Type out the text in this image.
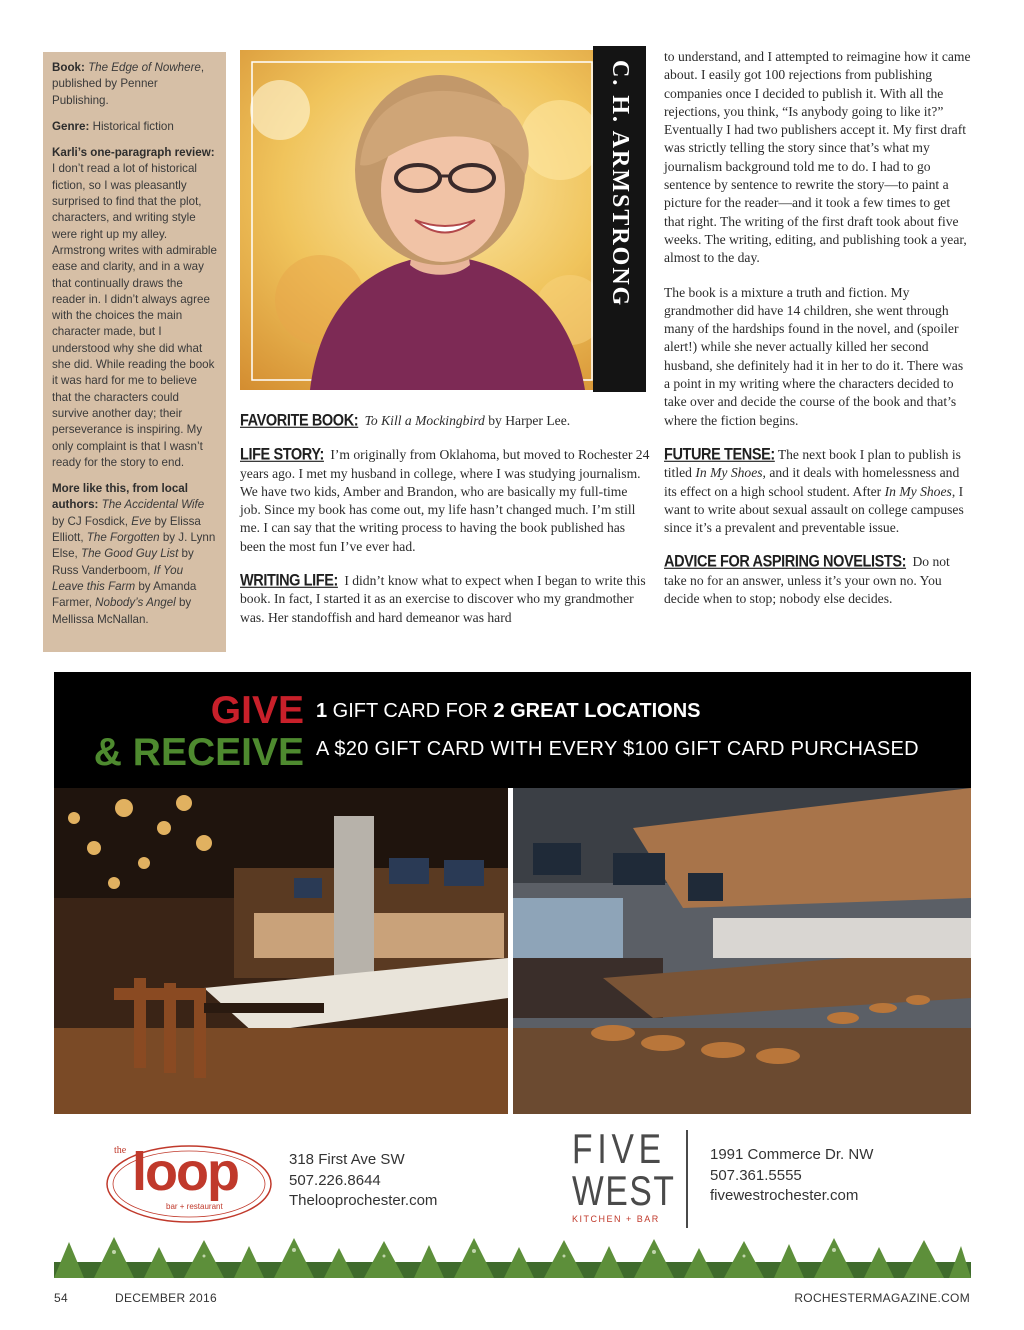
Book: The Edge of Nowhere, published by Penner Publishing.

Genre: Historical fiction

Karli’s one-paragraph review: I don’t read a lot of historical fiction, so I was pleasantly surprised to find that the plot, characters, and writing style were right up my alley. Armstrong writes with admirable ease and clarity, and in a way that continually draws the reader in. I didn’t always agree with the choices the main character made, but I understood why she did what she did. While reading the book it was hard for me to believe that the characters could survive another day; their perseverance is inspiring. My only complaint is that I wasn’t ready for the story to end.

More like this, from local authors: The Accidental Wife by CJ Fosdick, Eve by Elissa Elliott, The Forgotten by J. Lynn Else, The Good Guy List by Russ Vanderboom, If You Leave this Farm by Amanda Farmer, Nobody’s Angel by Mellissa McNallan.

C. H. ARMSTRONG

FAVORITE BOOK: To Kill a Mockingbird by Harper Lee.

LIFE STORY: I’m originally from Oklahoma, but moved to Rochester 24 years ago. I met my husband in college, where I was studying journalism. We have two kids, Amber and Brandon, who are basically my full-time job. Since my book has come out, my life hasn’t changed much. I’m still me. I can say that the writing process to having the book published has been the most fun I’ve ever had.

WRITING LIFE: I didn’t know what to expect when I began to write this book. In fact, I started it as an exercise to discover who my grandmother was. Her standoffish and hard demeanor was hard

to understand, and I attempted to reimagine how it came about. I easily got 100 rejections from publishing companies once I decided to publish it. With all the rejections, you think, “Is anybody going to like it?” Eventually I had two publishers accept it. My first draft was strictly telling the story since that’s what my journalism background told me to do. I had to go sentence by sentence to rewrite the story—to paint a picture for the reader—and it took a few times to get that right. The writing of the first draft took about five weeks. The writing, editing, and publishing took a year, almost to the day.

The book is a mixture a truth and fiction. My grandmother did have 14 children, she went through many of the hardships found in the novel, and (spoiler alert!) while she never actually killed her second husband, she definitely had it in her to do it. There was a point in my writing where the characters decided to take over and decide the course of the book and that’s where the fiction begins.

FUTURE TENSE: The next book I plan to publish is titled In My Shoes, and it deals with homelessness and its effect on a high school student. After In My Shoes, I want to write about sexual assault on college campuses since it’s a prevalent and preventable issue.

ADVICE FOR ASPIRING NOVELISTS: Do not take no for an answer, unless it’s your own no. You decide when to stop; nobody else decides.

GIVE
& RECEIVE
1 GIFT CARD FOR 2 GREAT LOCATIONS
A $20 GIFT CARD WITH EVERY $100 GIFT CARD PURCHASED
the loop
bar + restaurant
318 First Ave SW
507.226.8644
Thelooprochester.com
FIVE
WEST
KITCHEN + BAR
1991 Commerce Dr. NW
507.361.5555
fivewestrochester.com
54	DECEMBER 2016	ROCHESTERMAGAZINE.COM
